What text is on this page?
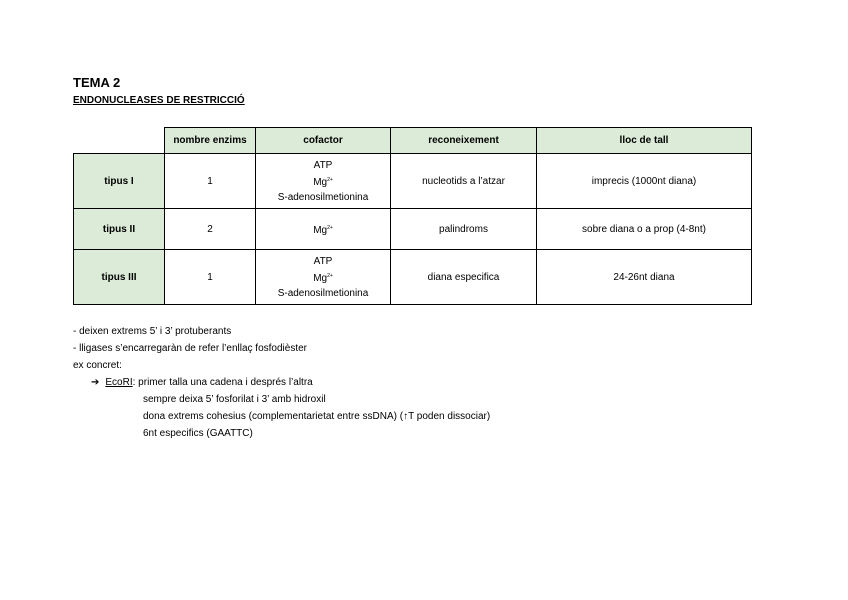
TEMA 2
ENDONUCLEASES DE RESTRICCIÓ
	nombre enzims	cofactor	reconeixement	lloc de tall
tipus I	1	ATP
$Mg^{2+}$
S-adenosilmetionina	nucleotids a l’atzar	imprecis (1000nt diana)
tipus II	2	$Mg^{2+}$	palindroms	sobre diana o a prop (4-8nt)
tipus III	1	ATP
$Mg^{2+}$
S-adenosilmetionina	diana especifica	24-26nt diana
- deixen extrems 5’ i 3’ protuberants
- lligases s’encarregaràn de refer l’enllaç fosfodièster
ex concret:
➔ EcoRI: primer talla una cadena i després l’altra
sempre deixa 5’ fosforilat i 3’ amb hidroxil
dona extrems cohesius (complementarietat entre ssDNA) (↑T poden dissociar)
6nt especifics (GAATTC)
